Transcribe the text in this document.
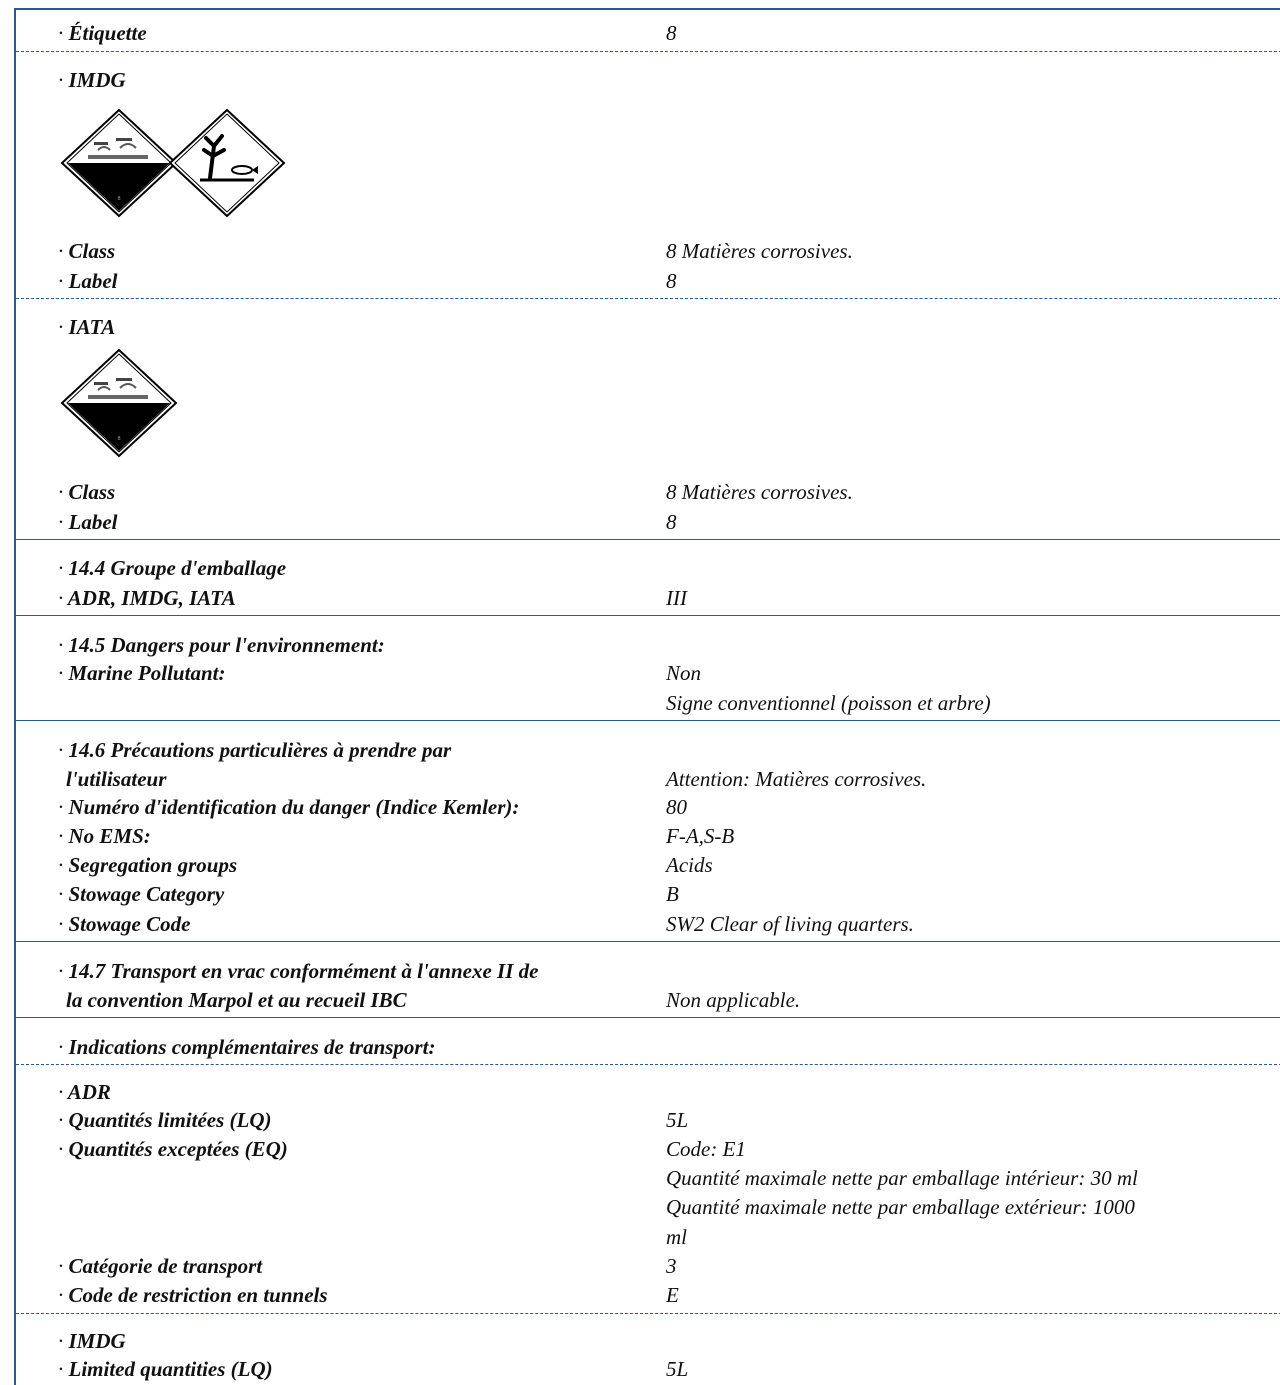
· Étiquette	8
· IMDG
8
· Class	8 Matières corrosives.
· Label	8
· IATA
8
· Class	8 Matières corrosives.
· Label	8
· 14.4 Groupe d'emballage
· ADR, IMDG, IATA	III
· 14.5 Dangers pour l'environnement:
· Marine Pollutant:	Non
Signe conventionnel (poisson et arbre)
· 14.6 Précautions particulières à prendre par
l'utilisateur	Attention: Matières corrosives.
· Numéro d'identification du danger (Indice Kemler):	80
· No EMS:	F-A,S-B
· Segregation groups	Acids
· Stowage Category	B
· Stowage Code	SW2 Clear of living quarters.
· 14.7 Transport en vrac conformément à l'annexe II de
la convention Marpol et au recueil IBC	Non applicable.
· Indications complémentaires de transport:
· ADR
· Quantités limitées (LQ)	5L
· Quantités exceptées (EQ)	Code: E1
Quantité maximale nette par emballage intérieur: 30 ml
Quantité maximale nette par emballage extérieur: 1000
ml
· Catégorie de transport	3
· Code de restriction en tunnels	E
· IMDG
· Limited quantities (LQ)	5L
